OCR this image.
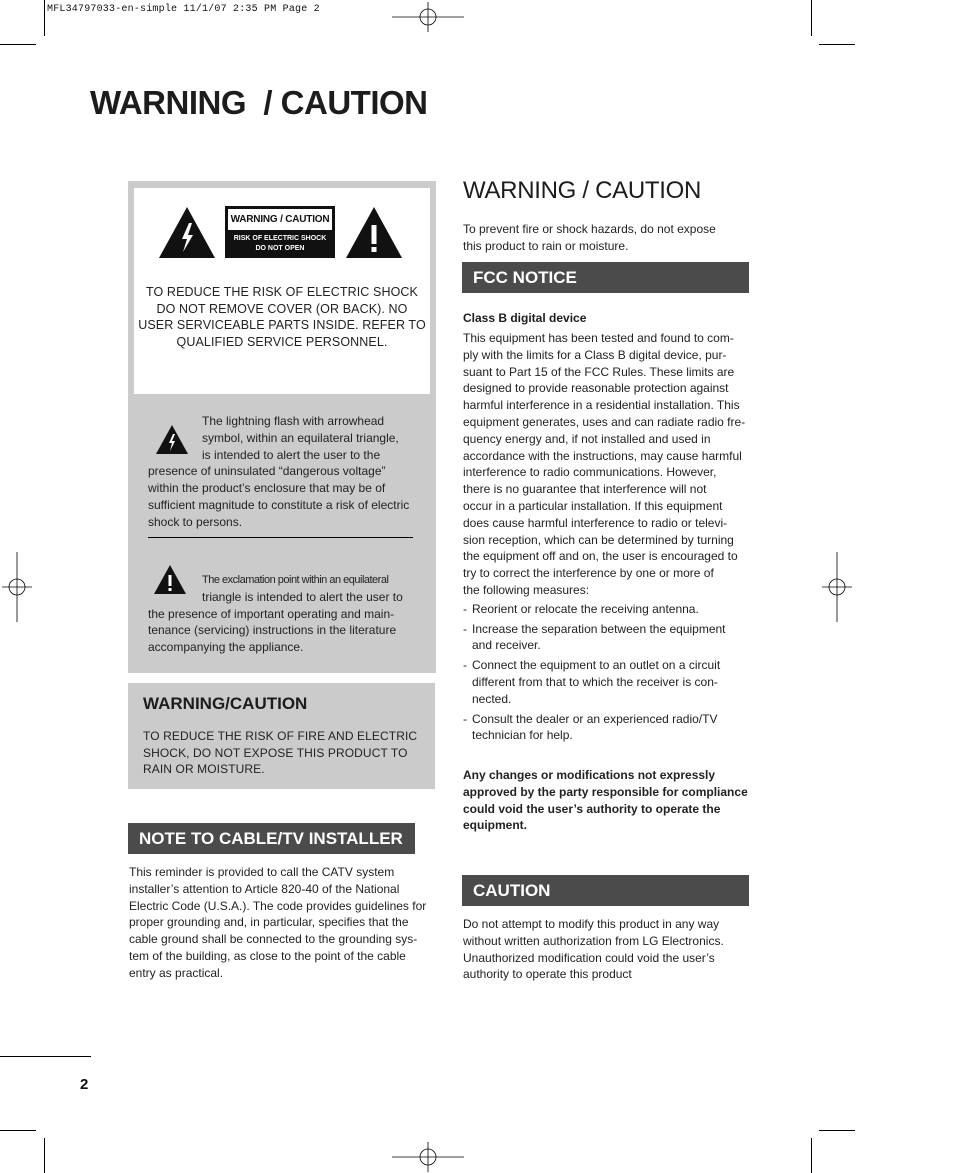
MFL34797033-en-simple 11/1/07 2:35 PM Page 2
WARNING  / CAUTION
WARNING / CAUTION
RISK OF ELECTRIC SHOCK
DO NOT OPEN
TO REDUCE THE RISK OF ELECTRIC SHOCK
DO NOT REMOVE COVER (OR BACK). NO
USER SERVICEABLE PARTS INSIDE. REFER TO
QUALIFIED SERVICE PERSONNEL.
The lightning flash with arrowhead
symbol, within an equilateral triangle,
is intended to alert the user to the
presence of uninsulated “dangerous voltage”
within the product’s enclosure that may be of
sufficient magnitude to constitute a risk of electric
shock to persons.
The exclamation point within an equilateral
triangle is intended to alert the user to
the presence of important operating and main-
tenance (servicing) instructions in the literature
accompanying the appliance.
WARNING/CAUTION
TO REDUCE THE RISK OF FIRE AND ELECTRIC
SHOCK, DO NOT EXPOSE THIS PRODUCT TO
RAIN OR MOISTURE.
NOTE TO CABLE/TV INSTALLER
This reminder is provided to call the CATV system
installer’s attention to Article 820-40 of the National
Electric Code (U.S.A.). The code provides guidelines for
proper grounding and, in particular, specifies that the
cable ground shall be connected to the grounding sys-
tem of the building, as close to the point of the cable
entry as practical.
WARNING / CAUTION
To prevent fire or shock hazards, do not expose
this product to rain or moisture.
FCC NOTICE
Class B digital device
This equipment has been tested and found to com-
ply with the limits for a Class B digital device, pur-
suant to Part 15 of the FCC Rules. These limits are
designed to provide reasonable protection against
harmful interference in a residential installation. This
equipment generates, uses and can radiate radio fre-
quency energy and, if not installed and used in
accordance with the instructions, may cause harmful
interference to radio communications. However,
there is no guarantee that interference will not
occur in a particular installation. If this equipment
does cause harmful interference to radio or televi-
sion reception, which can be determined by turning
the equipment off and on, the user is encouraged to
try to correct the interference by one or more of
the following measures:
- Reorient or relocate the receiving antenna.
- Increase the separation between the equipment
and receiver.
- Connect the equipment to an outlet on a circuit
different from that to which the receiver is con-
nected.
- Consult the dealer or an experienced radio/TV
technician for help.
Any changes or modifications not expressly
approved by the party responsible for compliance
could void the user’s authority to operate the
equipment.
CAUTION
Do not attempt to modify this product in any way
without written authorization from LG Electronics.
Unauthorized modification could void the user’s
authority to operate this product
2
